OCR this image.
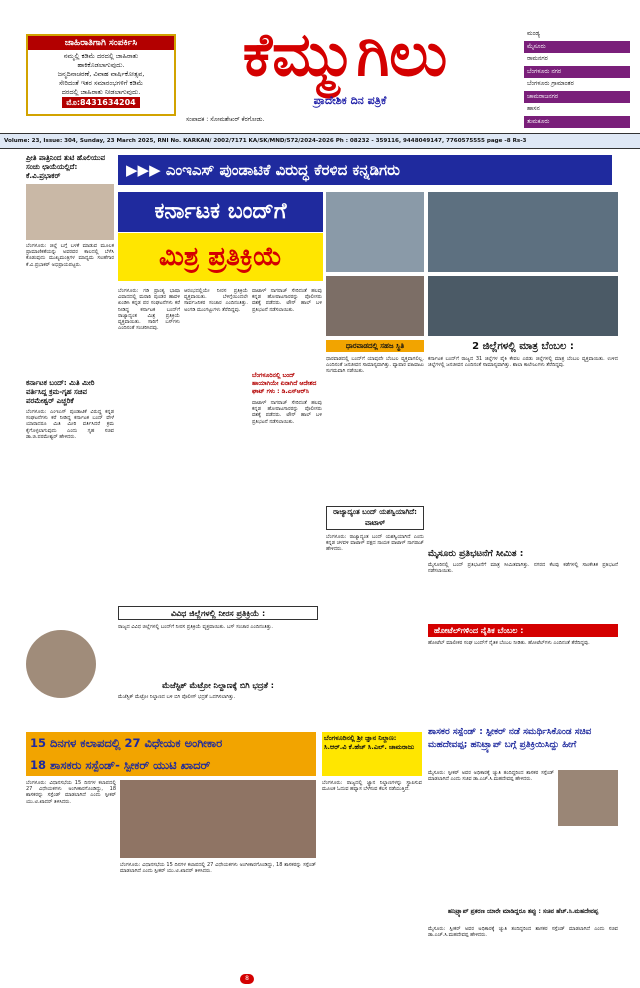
ಜಾಹಿರಾತಿಗಾಗಿ ಸಂಪರ್ಕಿಸಿ
ನಮ್ಮಲ್ಲಿ ಕಡಿಮೆ ದರದಲ್ಲಿ ಜಾಹಿರಾತು
ಹಾಕಿಕೊಡಲಾಗುವುದು.
ಜನ್ಮದಿನಾಚರಣೆ, ವಿವಾಹ ವಾರ್ಷಿಕೋತ್ಸವ,
ಸೇರಿದಂತೆ ಇತರ ಸಮಾರಂಭಗಳಿಗೆ ಕಡಿಮೆ
ದರದಲ್ಲಿ ಜಾಹಿರಾತು ನೀಡಲಾಗುವುದು.
ಮೊ:8431634204
ಕೆಮ್ಮುಗಿಲು
ಪ್ರಾದೇಶಿಕ ದಿನ ಪತ್ರಿಕೆ
ಸಂಪಾದಕ : ಸೋಮಶೇಖರ್ ಕೆರಗೋಡು.
ಮಂಡ್ಯ
ಮೈಸೂರು
ರಾಮನಗರ
ಬೆಂಗಳೂರು ನಗರ
ಬೆಂಗಳೂರು ಗ್ರಾಮಾಂತರ
ಚಾಮರಾಜನಗರ
ಹಾಸನ
ತುಮಕೂರು
Volume: 23, Issue: 304, Sunday, 23 March 2025, RNI No. KARKAN/ 2002/7171 KA/SK/MND/572/2024-2026 Ph : 08232 - 359116, 9448049147, 7760575555 page -8 Rs-3
ಪ್ರೀತಿ ಪಾತ್ರಿನಿಂದ ತುಟಿ ಹೊಲಿಯುವ ಸಂಚು ಛಾಯೆಯಲ್ಲಿದೆ: ಕೆ.ವಿ.ಪ್ರಭಾಕರ್
ಬೆಂಗಳೂರು: ಜಿಲ್ಲೆ ಬಗ್ಗೆ ಬಳಕೆ ಮಾಡುವ ಮೂಲಕ ಪ್ರಾಮಾಣಿಕತೆಯನ್ನು ಅವರವರ ಕಾಲದಲ್ಲಿ ಬೆಳೆಸಿ ಕೊಡುವುದು ಮುಖ್ಯಮಂತ್ರಿಗಳ ಮಾಧ್ಯಮ ಸಲಹೆಗಾರ ಕೆ.ವಿ.ಪ್ರಭಾಕರ್ ಅಭಿಪ್ರಾಯಪಟ್ಟರು.
ಕರ್ನಾಟಕ ಬಂದ್: ಮಿತಿ ಮೀರಿ ವರ್ತಿಸಿದ್ದ ಕ್ರಮ-ಗೃಹ ಸಚಿವ ಪರಮೇಶ್ವರ್ ಎಚ್ಚರಿಕೆ
ಬೆಂಗಳೂರು: ಎಂಇಎಸ್ ಪುಂಡಾಟಿಕೆ ವಿರುದ್ಧ ಕನ್ನಡ ಸಂಘಟನೆಗಳು ಕರೆ ನೀಡಿದ್ದ ಕರ್ನಾಟಕ ಬಂದ್ ವೇಳೆ ಯಾರಾದರೂ ಮಿತಿ ಮೀರಿ ವರ್ತಿಸಿದರೆ ಕ್ರಮ ಕೈಗೊಳ್ಳಲಾಗುವುದು ಎಂದು ಗೃಹ ಸಚಿವ ಡಾ.ಜಿ.ಪರಮೇಶ್ವರ್ ಹೇಳಿದರು.
▶▶▶ ಎಂಇಎಸ್ ಪುಂಡಾಟಿಕೆ ವಿರುದ್ಧ ಕೆರಳಿದ ಕನ್ನಡಿಗರು
ಕರ್ನಾಟಕ ಬಂದ್‌ಗೆ
ಮಿಶ್ರ ಪ್ರತಿಕ್ರಿಯೆ
ಬೆಂಗಳೂರು: ಗಡಿ ಪ್ರಾಂತ್ಯ ಭಾಷಾ ವಿವಾದದಲ್ಲಿ ಮರಾಠಿ ಪುಂಡರ ಹಾವಳಿ ಖಂಡಿಸಿ ಕನ್ನಡ ಪರ ಸಂಘಟನೆಗಳು ಕರೆ ನೀಡಿದ್ದ ಕರ್ನಾಟಕ ಬಂದ್‌ಗೆ ರಾಜ್ಯಾದ್ಯಂತ ಮಿಶ್ರ ಪ್ರತಿಕ್ರಿಯೆ ವ್ಯಕ್ತವಾಯಿತು. ಸಾರಿಗೆ ಬಸ್‌ಗಳು ಎಂದಿನಂತೆ ಸಂಚರಿಸಿದವು.
ಆರಂಭದಲ್ಲಿಯೇ ನೀರಸ ಪ್ರತಿಕ್ರಿಯೆ ವ್ಯಕ್ತವಾಯಿತು. ಬೆಳಿಗ್ಗೆಯಿಂದಲೇ ಸಾರ್ವಜನಿಕರ ಸಂಚಾರ ಎಂದಿನಂತಿತ್ತು. ಅಂಗಡಿ ಮುಂಗಟ್ಟುಗಳು ತೆರೆದಿದ್ದವು.
ವಾಟಾಳ್ ನಾಗರಾಜ್ ಸೇರಿದಂತೆ ಹಲವು ಕನ್ನಡ ಹೋರಾಟಗಾರರನ್ನು ಪೊಲೀಸರು ವಶಕ್ಕೆ ಪಡೆದರು. ಟೌನ್ ಹಾಲ್ ಬಳಿ ಪ್ರತಿಭಟನೆ ನಡೆಸಲಾಯಿತು.
ಬೆಂಗಳೂರಿನಲ್ಲಿ ಬಂದ್ ಹಾಯಾಗಿಯೇ ಏನಾಗಿದೆ ಆದೇಶದ ಘಾಟ್ ಗಳು : ಡಿ.ಎಸ್‌ಆರ್‌ಸಿ
ವಾಟಾಳ್ ನಾಗರಾಜ್ ಸೇರಿದಂತೆ ಹಲವು ಕನ್ನಡ ಹೋರಾಟಗಾರರನ್ನು ಪೊಲೀಸರು ವಶಕ್ಕೆ ಪಡೆದರು. ಟೌನ್ ಹಾಲ್ ಬಳಿ ಪ್ರತಿಭಟನೆ ನಡೆಸಲಾಯಿತು.
ಧಾರವಾಡದಲ್ಲಿ ಸಹಜ ಸ್ಥಿತಿ
ಧಾರವಾಡದಲ್ಲಿ ಬಂದ್‌ಗೆ ಯಾವುದೇ ಬೆಂಬಲ ವ್ಯಕ್ತವಾಗಲಿಲ್ಲ. ಎಂದಿನಂತೆ ಜನಜೀವನ ಸಾಮಾನ್ಯವಾಗಿತ್ತು. ವ್ಯಾಪಾರ ವಹಿವಾಟು ಸುಗಮವಾಗಿ ನಡೆಯಿತು.
ರಾಜ್ಯಾದ್ಯಂತ ಬಂದ್ ಯಶಸ್ವಿಯಾಗಿದೆ: ವಾಟಾಳ್
ಬೆಂಗಳೂರು: ರಾಜ್ಯಾದ್ಯಂತ ಬಂದ್ ಯಶಸ್ವಿಯಾಗಿದೆ ಎಂದು ಕನ್ನಡ ಚಳವಳಿ ವಾಟಾಳ್ ಪಕ್ಷದ ನಾಯಕ ವಾಟಾಳ್ ನಾಗರಾಜ್ ಹೇಳಿದರು.
2 ಜಿಲ್ಲೆಗಳಲ್ಲಿ ಮಾತ್ರ ಬೆಂಬಲ :
ಕರ್ನಾಟಕ ಬಂದ್‌ಗೆ ರಾಜ್ಯದ 31 ಜಿಲ್ಲೆಗಳ ಪೈಕಿ ಕೇವಲ ಎರಡು ಜಿಲ್ಲೆಗಳಲ್ಲಿ ಮಾತ್ರ ಬೆಂಬಲ ವ್ಯಕ್ತವಾಯಿತು. ಉಳಿದ ಜಿಲ್ಲೆಗಳಲ್ಲಿ ಜನಜೀವನ ಎಂದಿನಂತೆ ಸಾಮಾನ್ಯವಾಗಿತ್ತು. ಶಾಲಾ ಕಾಲೇಜುಗಳು ತೆರೆದಿದ್ದವು.
ಮೈಸೂರು ಪ್ರತಿಭಟನೆಗೆ ಸೀಮಿತ :
ಮೈಸೂರಿನಲ್ಲಿ ಬಂದ್ ಪ್ರತಿಭಟನೆಗೆ ಮಾತ್ರ ಸೀಮಿತವಾಗಿತ್ತು. ನಗರದ ಕೆಲವು ಕಡೆಗಳಲ್ಲಿ ಸಾಂಕೇತಿಕ ಪ್ರತಿಭಟನೆ ನಡೆಸಲಾಯಿತು.
ಹೋಟೆಲ್‌ಗಳಿಂದ ನೈತಿಕ ಬೆಂಬಲ :
ಹೋಟೆಲ್ ಮಾಲೀಕರ ಸಂಘ ಬಂದ್‌ಗೆ ನೈತಿಕ ಬೆಂಬಲ ನೀಡಿತು. ಹೋಟೆಲ್‌ಗಳು ಎಂದಿನಂತೆ ತೆರೆದಿದ್ದವು.
ವಿವಿಧ ಜಿಲ್ಲೆಗಳಲ್ಲಿ ನೀರಸ ಪ್ರತಿಕ್ರಿಯೆ :
ರಾಜ್ಯದ ವಿವಿಧ ಜಿಲ್ಲೆಗಳಲ್ಲಿ ಬಂದ್‌ಗೆ ನೀರಸ ಪ್ರತಿಕ್ರಿಯೆ ವ್ಯಕ್ತವಾಯಿತು. ಬಸ್ ಸಂಚಾರ ಎಂದಿನಂತಿತ್ತು.
ಮೆಜೆಸ್ಟಿಕ್ ಮೆಟ್ರೋ ನಿಲ್ದಾಣಕ್ಕೆ ಬಿಗಿ ಭದ್ರತೆ :
ಮೆಜೆಸ್ಟಿಕ್ ಮೆಟ್ರೋ ನಿಲ್ದಾಣದ ಬಳಿ ಬಿಗಿ ಪೊಲೀಸ್ ಭದ್ರತೆ ಒದಗಿಸಲಾಗಿತ್ತು.
15 ದಿನಗಳ ಕಲಾಪದಲ್ಲಿ 27 ವಿಧೇಯಕ ಅಂಗೀಕಾರ
18 ಶಾಸಕರು ಸಸ್ಪೆಂಡ್- ಸ್ಪೀಕರ್ ಯುಟಿ ಖಾದರ್
ಬೆಂಗಳೂರು: ವಿಧಾನಸಭೆಯ 15 ದಿನಗಳ ಕಲಾಪದಲ್ಲಿ 27 ವಿಧೇಯಕಗಳು ಅಂಗೀಕಾರಗೊಂಡಿದ್ದು, 18 ಶಾಸಕರನ್ನು ಸಸ್ಪೆಂಡ್ ಮಾಡಲಾಗಿದೆ ಎಂದು ಸ್ಪೀಕರ್ ಯು.ಟಿ.ಖಾದರ್ ತಿಳಿಸಿದರು.
ಬೆಂಗಳೂರು: ವಿಧಾನಸಭೆಯ 15 ದಿನಗಳ ಕಲಾಪದಲ್ಲಿ 27 ವಿಧೇಯಕಗಳು ಅಂಗೀಕಾರಗೊಂಡಿದ್ದು, 18 ಶಾಸಕರನ್ನು ಸಸ್ಪೆಂಡ್ ಮಾಡಲಾಗಿದೆ ಎಂದು ಸ್ಪೀಕರ್ ಯು.ಟಿ.ಖಾದರ್ ತಿಳಿಸಿದರು.
ಬೆಂಗಳೂರಿನಲ್ಲಿ ಶ್ರೀ ಜ್ಞಾನ ನಿಲ್ದಾಣ: ಸಿ.ಆರ್.ವಿ ಕೆ.ಹೆಚ್ ಸಿ.ಎಲ್. ಚಾಮರಾಜು
ಬೆಂಗಳೂರು: ರಾಜ್ಯದಲ್ಲಿ ಜ್ಞಾನ ನಿಲ್ದಾಣಗಳನ್ನು ಸ್ಥಾಪಿಸುವ ಮೂಲಕ ಓದುವ ಹವ್ಯಾಸ ಬೆಳೆಸುವ ಕೆಲಸ ನಡೆಯುತ್ತಿದೆ.
ಶಾಸಕರ ಸಸ್ಪೆಂಡ್ : ಸ್ಪೀಕರ್ ನಡೆ ಸಮರ್ಥಿಸಿಕೊಂಡ ಸಚಿವ ಮಹದೇವಪ್ಪ; ಹನಿಟ್ರ್ಯಾಪ್ ಬಗ್ಗೆ ಪ್ರತಿಕ್ರಿಯಿಸಿದ್ದು ಹೀಗೆ
ಮೈಸೂರು: ಸ್ಪೀಕರ್ ಅವರ ಅಧಿಕಾರಕ್ಕೆ ಚ್ಯುತಿ ತಂದಿದ್ದರಿಂದ ಶಾಸಕರ ಸಸ್ಪೆಂಡ್ ಮಾಡಲಾಗಿದೆ ಎಂದು ಸಚಿವ ಡಾ.ಎಚ್.ಸಿ.ಮಹದೇವಪ್ಪ ಹೇಳಿದರು.
ಹನಿಟ್ರ್ಯಾಪ್ ಪ್ರಕರಣ ಯಾರೇ ಮಾಡಿದ್ದರೂ ತಪ್ಪು : ಸಚಿವ ಹೆಚ್.ಸಿ.ಮಹದೇವಪ್ಪ
ಮೈಸೂರು: ಸ್ಪೀಕರ್ ಅವರ ಅಧಿಕಾರಕ್ಕೆ ಚ್ಯುತಿ ತಂದಿದ್ದರಿಂದ ಶಾಸಕರ ಸಸ್ಪೆಂಡ್ ಮಾಡಲಾಗಿದೆ ಎಂದು ಸಚಿವ ಡಾ.ಎಚ್.ಸಿ.ಮಹದೇವಪ್ಪ ಹೇಳಿದರು.
8
